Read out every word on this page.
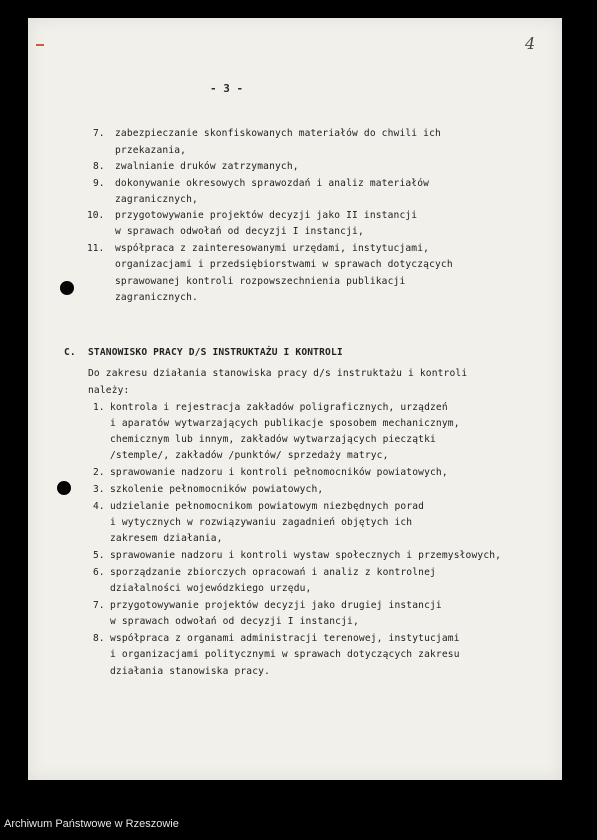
4
- 3 -
7. zabezpieczanie skonfiskowanych materiałów do chwili ich
przekazania,
8. zwalnianie druków zatrzymanych,
9. dokonywanie okresowych sprawozdań i analiz materiałów
zagranicznych,
10. przygotowywanie projektów decyzji jako II instancji
w sprawach odwołań od decyzji I instancji,
11. współpraca z zainteresowanymi urzędami, instytucjami,
organizacjami i przedsiębiorstwami w sprawach dotyczących
sprawowanej kontroli rozpowszechnienia publikacji
zagranicznych.
C. STANOWISKO PRACY D/S INSTRUKTAŻU I KONTROLI
Do zakresu działania stanowiska pracy d/s instruktażu i kontroli
należy:
1. kontrola i rejestracja zakładów poligraficznych, urządzeń
i aparatów wytwarzających publikacje sposobem mechanicznym,
chemicznym lub innym, zakładów wytwarzających pieczątki
/stemple/, zakładów /punktów/ sprzedaży matryc,
2. sprawowanie nadzoru i kontroli pełnomocników powiatowych,
3. szkolenie pełnomocników powiatowych,
4. udzielanie pełnomocnikom powiatowym niezbędnych porad
i wytycznych w rozwiązywaniu zagadnień objętych ich
zakresem działania,
5. sprawowanie nadzoru i kontroli wystaw społecznych i przemysłowych,
6. sporządzanie zbiorczych opracowań i analiz z kontrolnej
działalności wojewódzkiego urzędu,
7. przygotowywanie projektów decyzji jako drugiej instancji
w sprawach odwołań od decyzji I instancji,
8. współpraca z organami administracji terenowej, instytucjami
i organizacjami politycznymi w sprawach dotyczących zakresu
działania stanowiska pracy.
Archiwum Państwowe w Rzeszowie
